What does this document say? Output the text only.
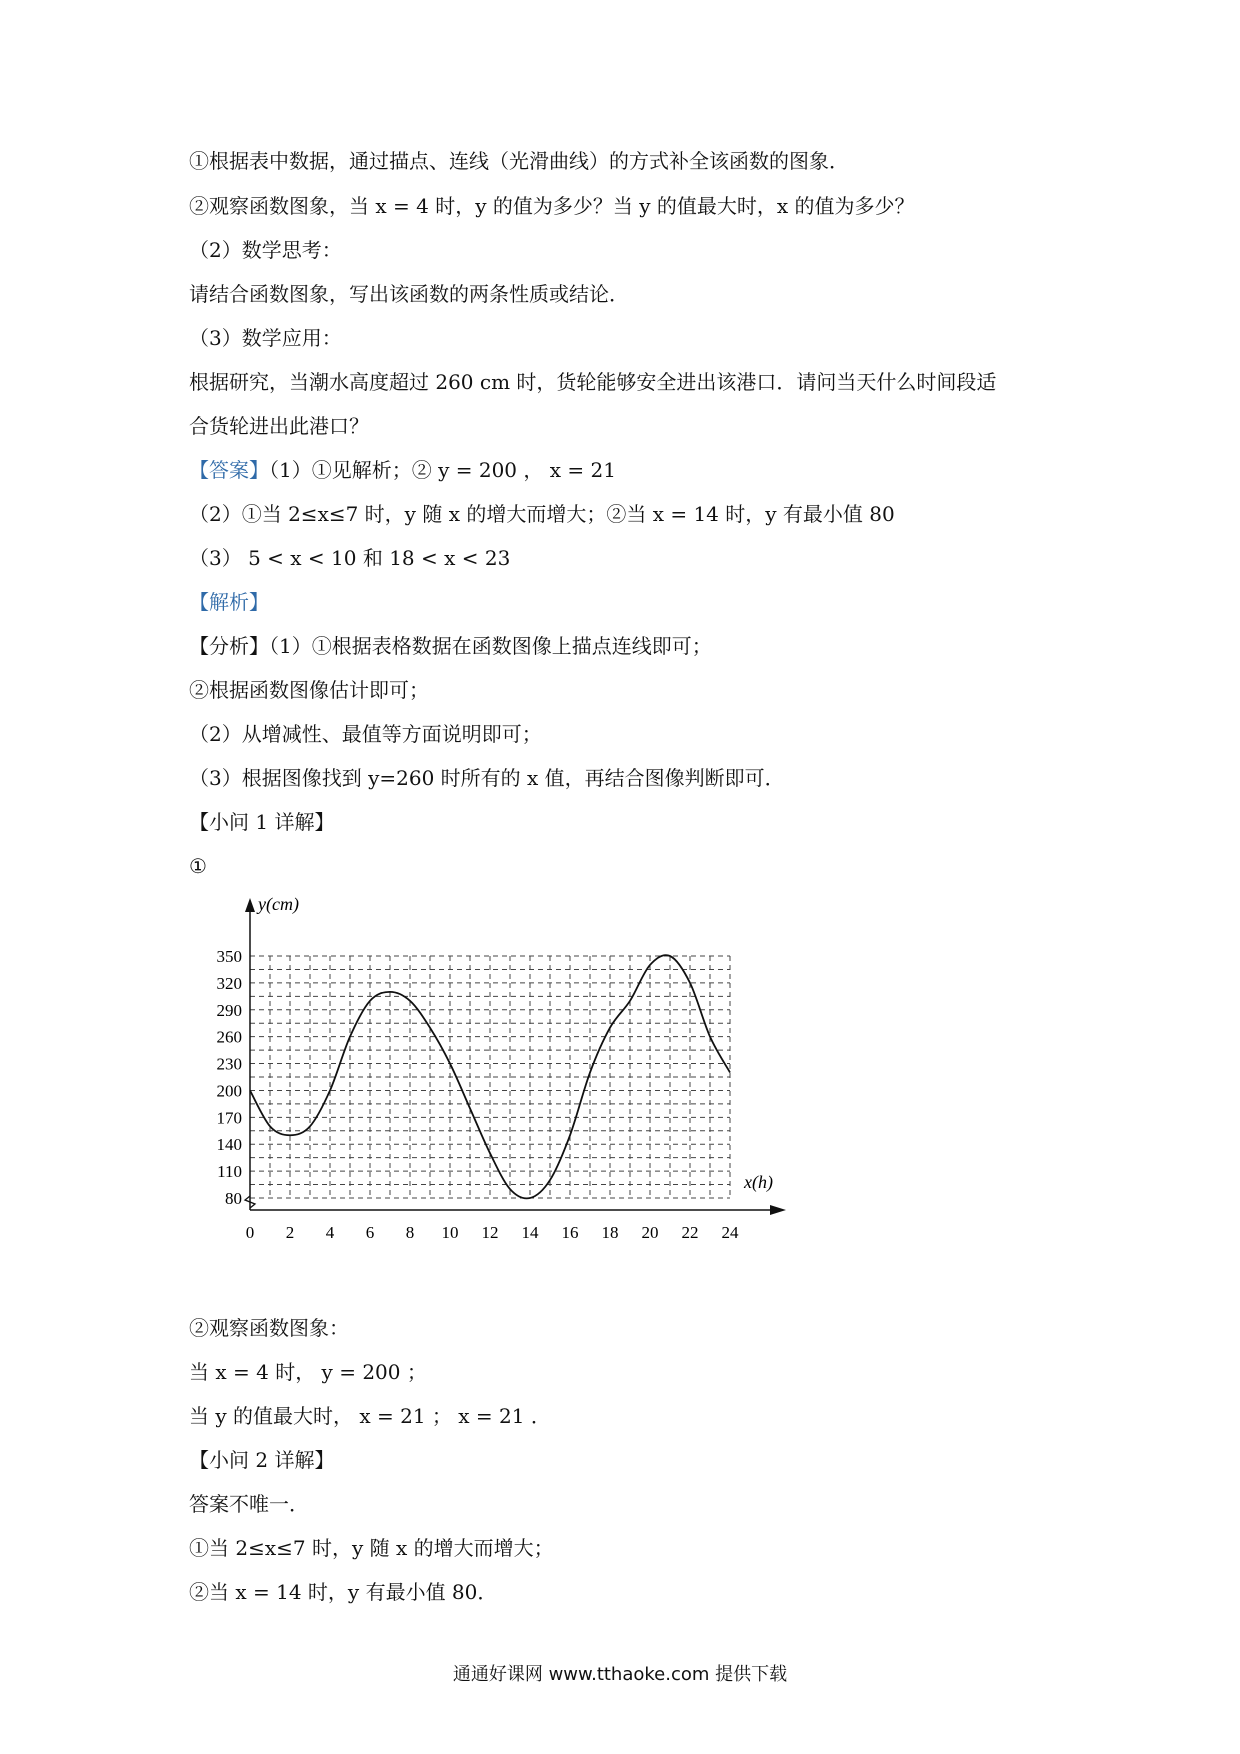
①根据表中数据，通过描点、连线（光滑曲线）的方式补全该函数的图象．
②观察函数图象，当 x = 4 时，y 的值为多少？当 y 的值最大时，x 的值为多少？
（2）数学思考：
请结合函数图象，写出该函数的两条性质或结论．
（3）数学应用：
根据研究，当潮水高度超过 260 cm 时，货轮能够安全进出该港口．请问当天什么时间段适
合货轮进出此港口？
【答案】（1）①见解析；② y = 200 ， x = 21
（2）①当 2≤x≤7 时，y 随 x 的增大而增大；②当 x = 14 时，y 有最小值 80
（3） 5 < x < 10 和 18 < x < 23
【解析】
【分析】（1）①根据表格数据在函数图像上描点连线即可；
②根据函数图像估计即可；
（2）从增减性、最值等方面说明即可；
（3）根据图像找到 y=260 时所有的 x 值，再结合图像判断即可．
【小问 1 详解】
①
80
110
140
170
200
230
260
290
320
350
0 2 4 6 8 10 12 14 16 18 20 22 24
y(cm)
x(h)
②观察函数图象：
当 x = 4 时， y = 200 ；
当 y 的值最大时， x = 21 ； x = 21 ．
【小问 2 详解】
答案不唯一．
①当 2≤x≤7 时，y 随 x 的增大而增大；
②当 x = 14 时，y 有最小值 80．
通通好课网 www.tthaoke.com 提供下载
